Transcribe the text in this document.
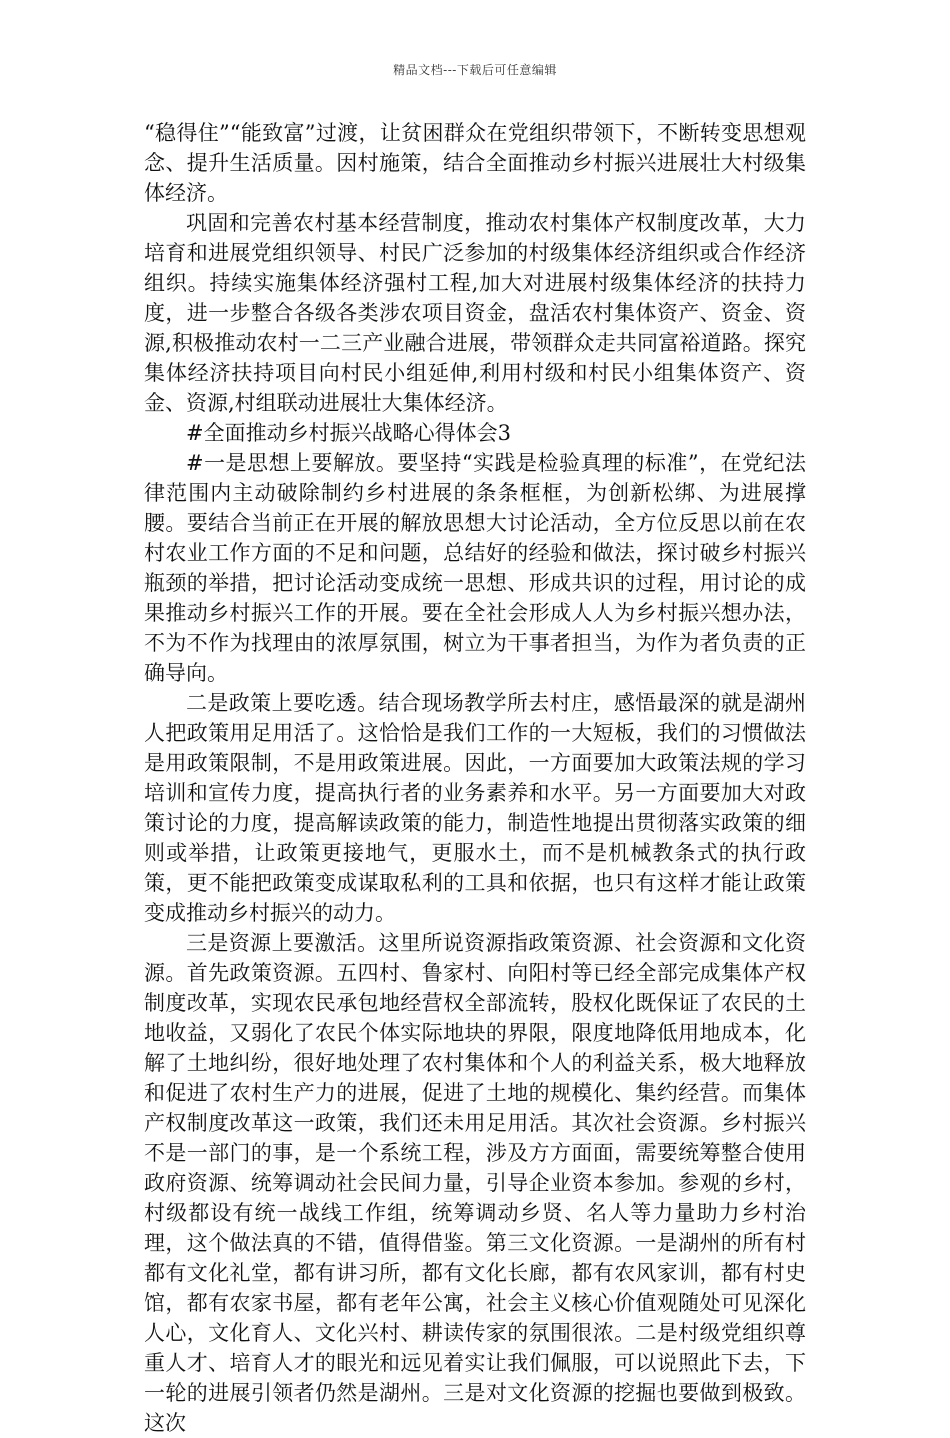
精品文档---下载后可任意编辑

“稳得住”“能致富”过渡，让贫困群众在党组织带领下，不断转变思想观念、提升生活质量。因村施策，结合全面推动乡村振兴进展壮大村级集体经济。

巩固和完善农村基本经营制度，推动农村集体产权制度改革，大力培育和进展党组织领导、村民广泛参加的村级集体经济组织或合作经济组织。持续实施集体经济强村工程,加大对进展村级集体经济的扶持力度，进一步整合各级各类涉农项目资金，盘活农村集体资产、资金、资源,积极推动农村一二三产业融合进展，带领群众走共同富裕道路。探究集体经济扶持项目向村民小组延伸,利用村级和村民小组集体资产、资金、资源,村组联动进展壮大集体经济。

#全面推动乡村振兴战略心得体会3

#一是思想上要解放。要坚持“实践是检验真理的标准”，在党纪法律范围内主动破除制约乡村进展的条条框框，为创新松绑、为进展撑腰。要结合当前正在开展的解放思想大讨论活动，全方位反思以前在农村农业工作方面的不足和问题，总结好的经验和做法，探讨破乡村振兴瓶颈的举措，把讨论活动变成统一思想、形成共识的过程，用讨论的成果推动乡村振兴工作的开展。要在全社会形成人人为乡村振兴想办法，不为不作为找理由的浓厚氛围，树立为干事者担当，为作为者负责的正确导向。

二是政策上要吃透。结合现场教学所去村庄，感悟最深的就是湖州人把政策用足用活了。这恰恰是我们工作的一大短板，我们的习惯做法是用政策限制，不是用政策进展。因此，一方面要加大政策法规的学习培训和宣传力度，提高执行者的业务素养和水平。另一方面要加大对政策讨论的力度，提高解读政策的能力，制造性地提出贯彻落实政策的细则或举措，让政策更接地气，更服水土，而不是机械教条式的执行政策，更不能把政策变成谋取私利的工具和依据，也只有这样才能让政策变成推动乡村振兴的动力。

三是资源上要激活。这里所说资源指政策资源、社会资源和文化资源。首先政策资源。五四村、鲁家村、向阳村等已经全部完成集体产权制度改革，实现农民承包地经营权全部流转，股权化既保证了农民的土地收益，又弱化了农民个体实际地块的界限，限度地降低用地成本，化解了土地纠纷，很好地处理了农村集体和个人的利益关系，极大地释放和促进了农村生产力的进展，促进了土地的规模化、集约经营。而集体产权制度改革这一政策，我们还未用足用活。其次社会资源。乡村振兴不是一部门的事，是一个系统工程，涉及方方面面，需要统筹整合使用政府资源、统筹调动社会民间力量，引导企业资本参加。参观的乡村，村级都设有统一战线工作组，统筹调动乡贤、名人等力量助力乡村治理，这个做法真的不错，值得借鉴。第三文化资源。一是湖州的所有村都有文化礼堂，都有讲习所，都有文化长廊，都有农风家训，都有村史馆，都有农家书屋，都有老年公寓，社会主义核心价值观随处可见深化人心，文化育人、文化兴村、耕读传家的氛围很浓。二是村级党组织尊重人才、培育人才的眼光和远见着实让我们佩服，可以说照此下去，下一轮的进展引领者仍然是湖州。三是对文化资源的挖掘也要做到极致。这次
